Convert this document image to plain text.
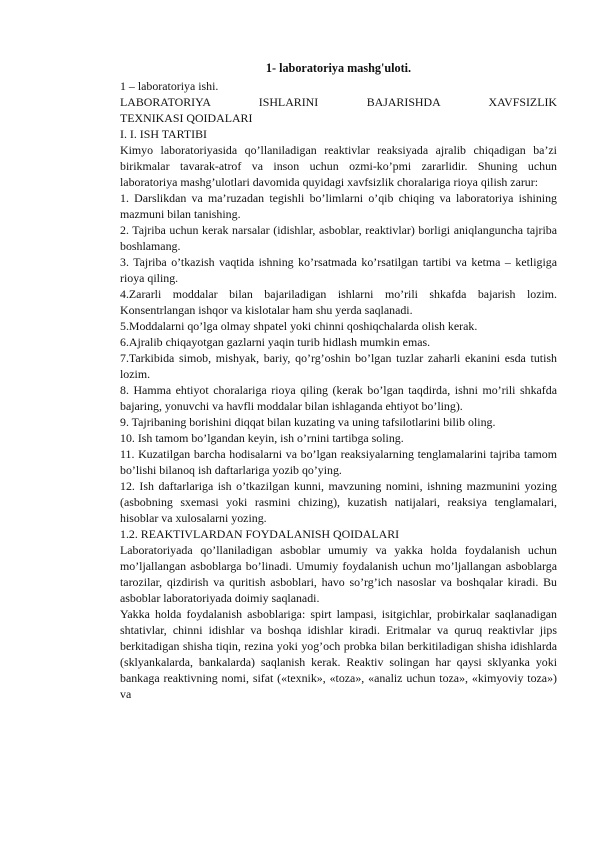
1- laboratoriya mashg'uloti.

1 – laboratoriya ishi.

LABORATORIYA ISHLARINI BAJARISHDA XAVFSIZLIK

TEXNIKASI QOIDALARI

I. I. ISH TARTIBI

Kimyo laboratoriyasida qo’llaniladigan reaktivlar reaksiyada ajralib chiqadigan ba’zi birikmalar tavarak-atrof va inson uchun ozmi-ko’pmi zararlidir. Shuning uchun laboratoriya mashg’ulotlari davomida quyidagi xavfsizlik choralariga rioya qilish zarur:

1. Darslikdan va ma’ruzadan tegishli bo’limlarni o’qib chiqing va laboratoriya ishining mazmuni bilan tanishing.

2. Tajriba uchun kerak narsalar (idishlar, asboblar, reaktivlar) borligi aniqlanguncha tajriba boshlamang.

3. Tajriba o’tkazish vaqtida ishning ko’rsatmada ko’rsatilgan tartibi va ketma – ketligiga rioya qiling.

4.Zararli moddalar bilan bajariladigan ishlarni mo’rili shkafda bajarish lozim. Konsentrlangan ishqor va kislotalar ham shu yerda saqlanadi.

5.Moddalarni qo’lga olmay shpatel yoki chinni qoshiqchalarda olish kerak.

6.Ajralib chiqayotgan gazlarni yaqin turib hidlash mumkin emas.

7.Tarkibida simob, mishyak, bariy, qo’rg’oshin bo’lgan tuzlar zaharli ekanini esda tutish lozim.

8. Hamma ehtiyot choralariga rioya qiling (kerak bo’lgan taqdirda, ishni mo’rili shkafda bajaring, yonuvchi va havfli moddalar bilan ishlaganda ehtiyot bo’ling).

9. Tajribaning borishini diqqat bilan kuzating va uning tafsilotlarini bilib oling.

10. Ish tamom bo’lgandan keyin, ish o’rnini tartibga soling.

11. Kuzatilgan barcha hodisalarni va bo’lgan reaksiyalarning tenglamalarini tajriba tamom bo’lishi bilanoq ish daftarlariga yozib qo’ying.

12. Ish daftarlariga ish o’tkazilgan kunni, mavzuning nomini, ishning mazmunini yozing (asbobning sxemasi yoki rasmini chizing), kuzatish natijalari, reaksiya tenglamalari, hisoblar va xulosalarni yozing.

1.2. REAKTIVLARDAN FOYDALANISH QOIDALARI

Laboratoriyada qo’llaniladigan asboblar umumiy va yakka holda foydalanish uchun mo’ljallangan asboblarga bo’linadi. Umumiy foydalanish uchun mo’ljallangan asboblarga tarozilar, qizdirish va quritish asboblari, havo so’rg’ich nasoslar va boshqalar kiradi. Bu asboblar laboratoriyada doimiy saqlanadi.

Yakka holda foydalanish asboblariga: spirt lampasi, isitgichlar, probirkalar saqlanadigan shtativlar, chinni idishlar va boshqa idishlar kiradi. Eritmalar va quruq reaktivlar jips berkitadigan shisha tiqin, rezina yoki yog’och probka bilan berkitiladigan shisha idishlarda (sklyankalarda, bankalarda) saqlanish kerak. Reaktiv solingan har qaysi sklyanka yoki bankaga reaktivning nomi, sifat («texnik», «toza», «analiz uchun toza», «kimyoviy toza») va
